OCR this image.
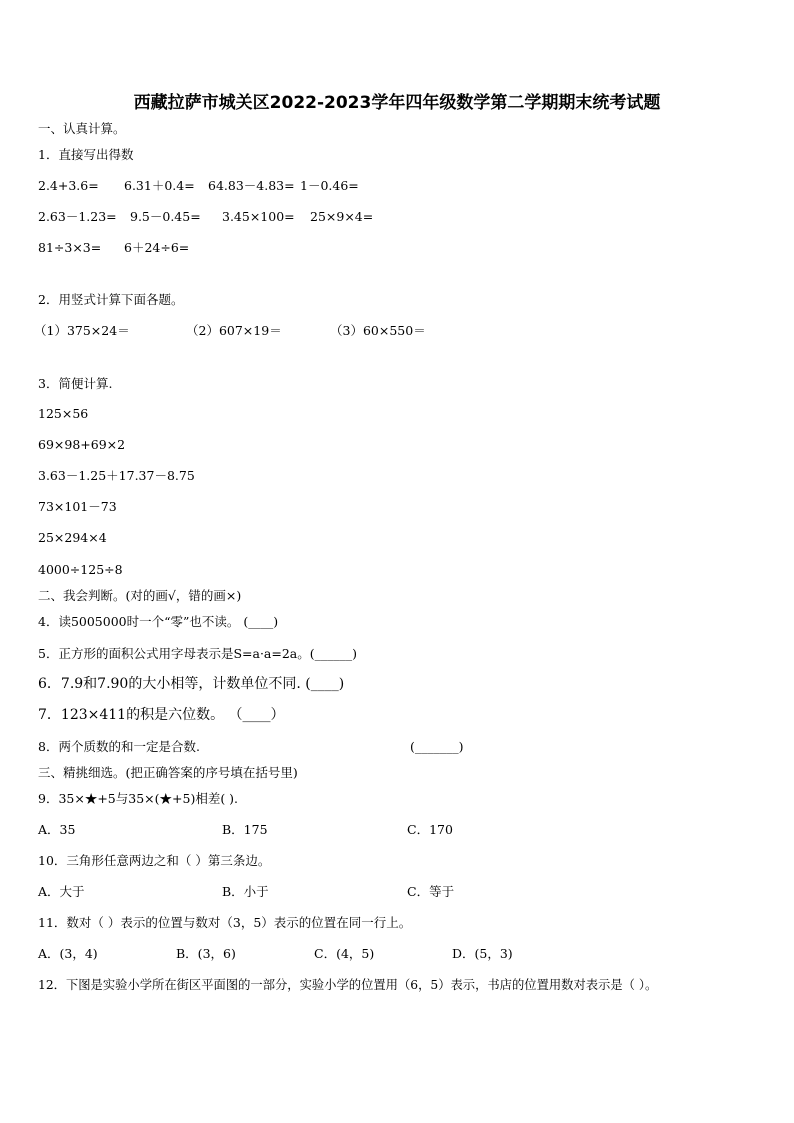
西藏拉萨市城关区2022-2023学年四年级数学第二学期期末统考试题
一、认真计算。
1．直接写出得数
2.4+3.6= 6.31＋0.4= 64.83－4.83= 1－0.46=
2.63－1.23= 9.5－0.45= 3.45×100= 25×9×4=
81÷3×3= 6＋24÷6=
2．用竖式计算下面各题。
（1）375×24＝	（2）607×19＝	（3）60×550＝
3．简便计算.
125×56
69×98+69×2
3.63－1.25＋17.37－8.75
73×101－73
25×294×4
4000÷125÷8
二、我会判断。(对的画√，错的画×)
4．读5005000时一个“零”也不读。 (____)
5．正方形的面积公式用字母表示是S=a·a=2a。(______)
6．7.9和7.90的大小相等，计数单位不同. (____)
7．123×411的积是六位数。 （____）
8．两个质数的和一定是合数.	(_______)
三、精挑细选。(把正确答案的序号填在括号里)
9．35×★+5与35×(★+5)相差( ).
A．35	B．175	C．170
10．三角形任意两边之和（ ）第三条边。
A．大于	B．小于	C．等于
11．数对（ ）表示的位置与数对（3，5）表示的位置在同一行上。
A．(3，4)	B．(3，6)	C．(4，5)	D．(5，3)
12．下图是实验小学所在街区平面图的一部分，实验小学的位置用（6，5）表示，书店的位置用数对表示是（ ）。
